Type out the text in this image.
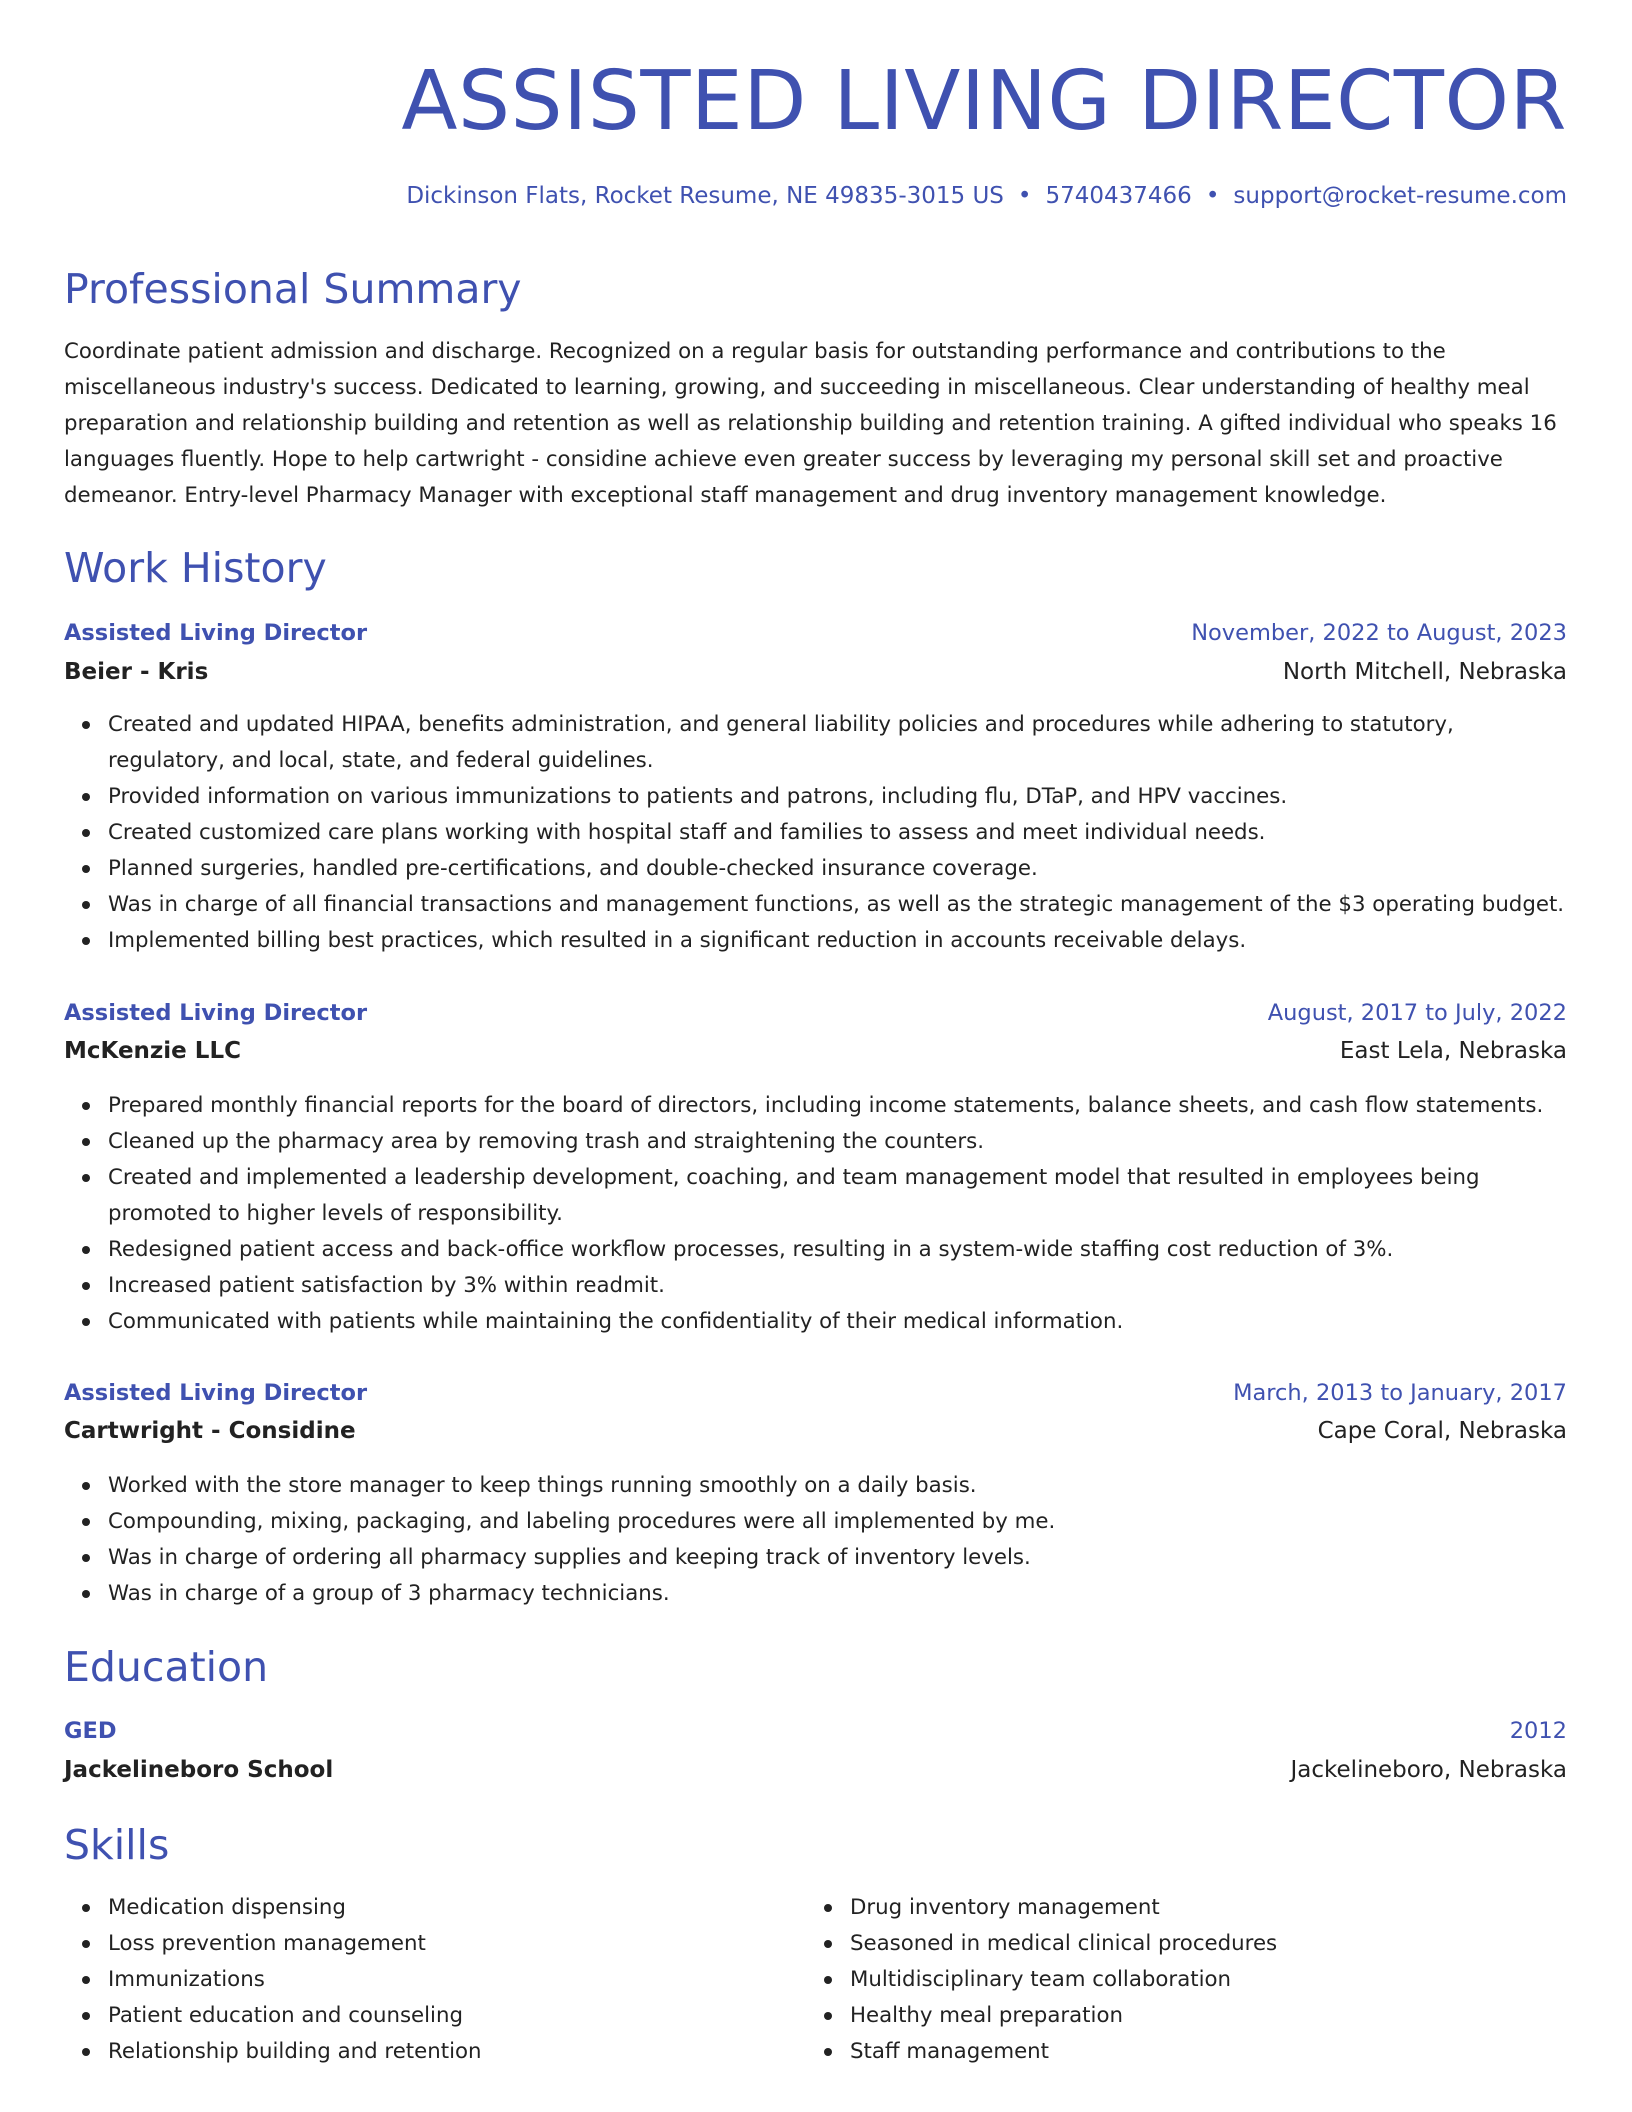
ASSISTED LIVING DIRECTOR
Dickinson Flats, Rocket Resume, NE 49835-3015 US • 5740437466 • support@rocket-resume.com
Professional Summary

Coordinate patient admission and discharge. Recognized on a regular basis for outstanding performance and contributions to the miscellaneous industry's success. Dedicated to learning, growing, and succeeding in miscellaneous. Clear understanding of healthy meal preparation and relationship building and retention as well as relationship building and retention training. A gifted individual who speaks 16 languages fluently. Hope to help cartwright - considine achieve even greater success by leveraging my personal skill set and proactive demeanor. Entry-level Pharmacy Manager with exceptional staff management and drug inventory management knowledge.

Work History
Assisted Living Director	November, 2022 to August, 2023
Beier - Kris	North Mitchell, Nebraska
Created and updated HIPAA, benefits administration, and general liability policies and procedures while adhering to statutory, regulatory, and local, state, and federal guidelines.
Provided information on various immunizations to patients and patrons, including flu, DTaP, and HPV vaccines.
Created customized care plans working with hospital staff and families to assess and meet individual needs.
Planned surgeries, handled pre-certifications, and double-checked insurance coverage.
Was in charge of all financial transactions and management functions, as well as the strategic management of the $3 operating budget.
Implemented billing best practices, which resulted in a significant reduction in accounts receivable delays.
Assisted Living Director	August, 2017 to July, 2022
McKenzie LLC	East Lela, Nebraska
Prepared monthly financial reports for the board of directors, including income statements, balance sheets, and cash flow statements.
Cleaned up the pharmacy area by removing trash and straightening the counters.
Created and implemented a leadership development, coaching, and team management model that resulted in employees being promoted to higher levels of responsibility.
Redesigned patient access and back-office workflow processes, resulting in a system-wide staffing cost reduction of 3%.
Increased patient satisfaction by 3% within readmit.
Communicated with patients while maintaining the confidentiality of their medical information.
Assisted Living Director	March, 2013 to January, 2017
Cartwright - Considine	Cape Coral, Nebraska
Worked with the store manager to keep things running smoothly on a daily basis.
Compounding, mixing, packaging, and labeling procedures were all implemented by me.
Was in charge of ordering all pharmacy supplies and keeping track of inventory levels.
Was in charge of a group of 3 pharmacy technicians.
Education
GED	2012
Jackelineboro School	Jackelineboro, Nebraska
Skills
Medication dispensing
Loss prevention management
Immunizations
Patient education and counseling
Relationship building and retention
Drug inventory management
Seasoned in medical clinical procedures
Multidisciplinary team collaboration
Healthy meal preparation
Staff management
